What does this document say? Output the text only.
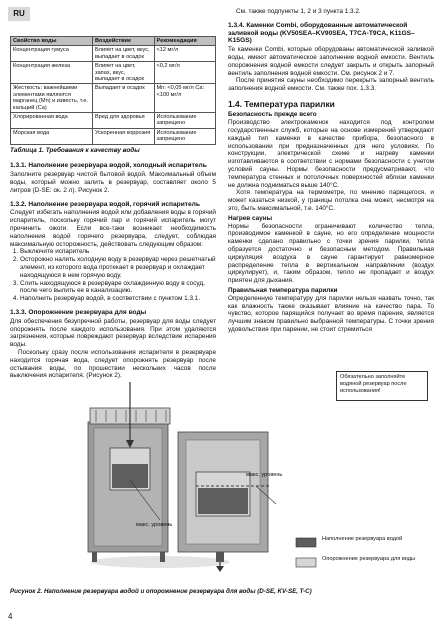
RU
Свойство воды	Воздействие	Рекомендация
Концентрация гумуса	Влияет на цвет, вкус, выпадает в осадок	<12 мг/л
Концентрация железа	Влияет на цвет, запах, вкус, выпадает в осадок	<0,2 мг/л
Жесткость: важнейшими элементами являются марганец (Mn) и известь, т.е. кальций (Ca)	Выпадает в осадок	Mn: <0,05 мг/л Ca: <100 мг/л
Хлорированная вода	Вред для здоровья	Использование запрещено
Морская вода	Ускоренная коррозия	Использование запрещено
Таблица 1. Требования к качеству воды
1.3.1. Наполнение резервуара водой, холодный испаритель

Заполните резервуар чистой бытовой водой. Максимальный объем воды, который можно залить в резервуар, составляет около 5 литров (D-SE: ок. 2 л). Рисунок 2.

1.3.2. Наполнение резервуара водой, горячий испаритель

Следует избегать наполнения водой или добавления воды в горячий испаритель, поскольку горячий пар и горячий испаритель могут причинить ожоги. Если все-таки возникает необходимость наполнения водой горячего резервуара, следует, соблюдая максимальную осторожность, действовать следующим образом:

1. Выключите испаритель
2. Осторожно налить холодную воду в резервуар через решетчатый элемент, из которого вода протекает в резервуар и охлаждает находящуюся в нем горячую воду.
3. Слить находящуюся в резервуаре охлажденную воду в сосуд, после чего вылить ее в канализацию.
4. Наполнить резервуар водой, в соответствии с пунктом 1.3.1.
1.3.3. Опорожнение резервуара для воды

Для обеспечения безупречной работы, резервуар для воды следует опорожнять после каждого использования. При этом удаляются загрязнения, которые повреждают резервуар вследствие испарения воды.

Поскольку сразу после использования испарителя в резервуаре находится горячая вода, следует опорожнять резервуар после остывания воды, по прошествии нескольких часов после выключения испарителя. (Рисунок 2).

См. также подпункты 1, 2 и 3 пункта 1.3.2.

1.3.4. Каменки Combi, оборудованные автоматической заливкой воды (KV50SEA–KV90SEA, T7CA-T9CA, K11GS–K15GS)

Те каменки Combi, которые оборудованы автоматической заливкой воды, имеют автоматическое заполнение водной емкости. Вентиль опорожнения водной емкости следует закрыть и открыть запорный вентиль заполнения водной емкости. См. рисунок 2 и 7.

После принятия сауны необходимо перекрыть запорный вентиль заполнения водной емкости. См. также пох. 1.3.3.

1.4. Температура парилки
Безопасность прежде всего

Производство электрокаменок находится под контролем государственных служб, которые на основе измерений утверждают каждый тип каменки в качестве прибора, безопасного в использовании при предназначенных для него условиях. По конструкции, электрической схеме и нагреву каменки изготавливаются в соответствии с нормами безопасности с учетом условий сауны. Нормы безопасности предусматривают, что температура стенных и потолочных поверхностей вблизи каменки не должна подниматься выше 140°С.

Хотя температура на термометре, по мнению парящегося, и может казаться низкой, у границы потолка она может, несмотря на это, быть максимальной, т.е. 140°С.

Нагрев сауны

Нормы безопасности ограничивают количество тепла, производимое каменкой в сауне, но его определение мощности каменки сделано правильно с точки зрения парилки, тепла образуется достаточно и безопасным методом. Правильная циркуляция воздуха в сауне гарантирует равномерное распределение тепла в вертикальном направлении (воздух циркулирует), и, таким образом, тепло не пропадает и воздух приятен для дыхания.

Правильная температура парилки

Определенную температуру для парилки нельзя назвать точно, так как влажность также оказывает влияние на качество пара. То чувство, которое парящийся получает во время парения, является лучшим знаком правильно выбранной температуры. С точки зрения удовольствия при парении, не стоит стремиться

макс. уровень
макс. уровень
Наполнение резервуара водой
Опорожнение резервуара для воды
Обязательно заполняйте водяной резервуар после использования!
Рисунок 2. Наполнение резервуара водой и опорожнение резервуара для воды (D-SE, KV-SE, T-C)
4
